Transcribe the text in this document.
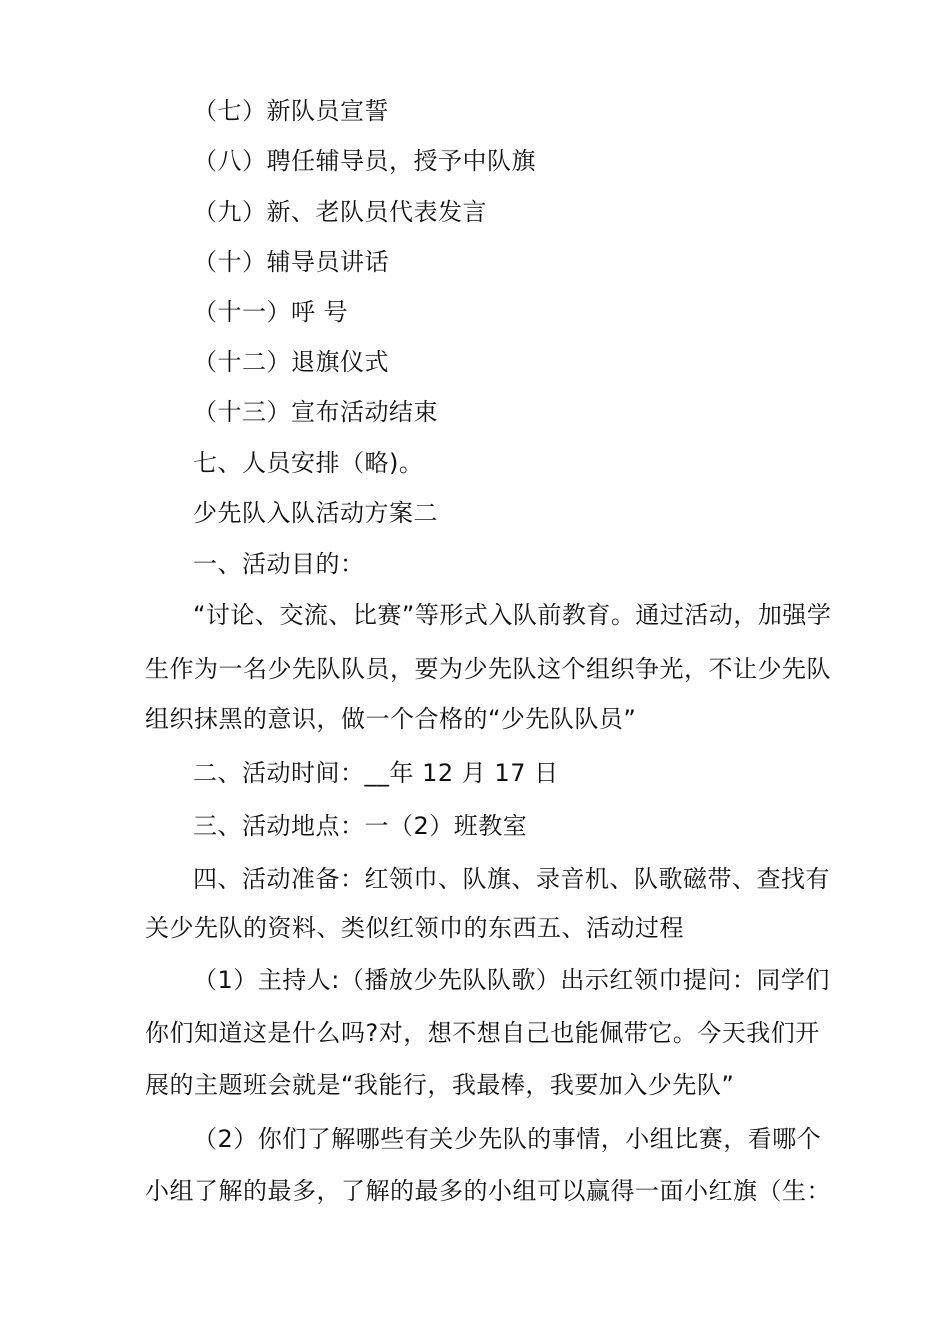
（七）新队员宣誓
（八）聘任辅导员，授予中队旗
（九）新、老队员代表发言
（十）辅导员讲话
（十一）呼 号
（十二）退旗仪式
（十三）宣布活动结束
七、人员安排（略)。
少先队入队活动方案二
一、活动目的：
“讨论、交流、比赛”等形式入队前教育。通过活动，加强学
生作为一名少先队队员，要为少先队这个组织争光，不让少先队
组织抹黑的意识，做一个合格的“少先队队员”
二、活动时间：__年 12 月 17 日
三、活动地点：一（2）班教室
四、活动准备：红领巾、队旗、录音机、队歌磁带、查找有
关少先队的资料、类似红领巾的东西五、活动过程
（1）主持人:（播放少先队队歌）出示红领巾提问：同学们
你们知道这是什么吗?对，想不想自己也能佩带它。今天我们开
展的主题班会就是“我能行，我最棒，我要加入少先队”
（2）你们了解哪些有关少先队的事情，小组比赛，看哪个
小组了解的最多，了解的最多的小组可以赢得一面小红旗（生：
